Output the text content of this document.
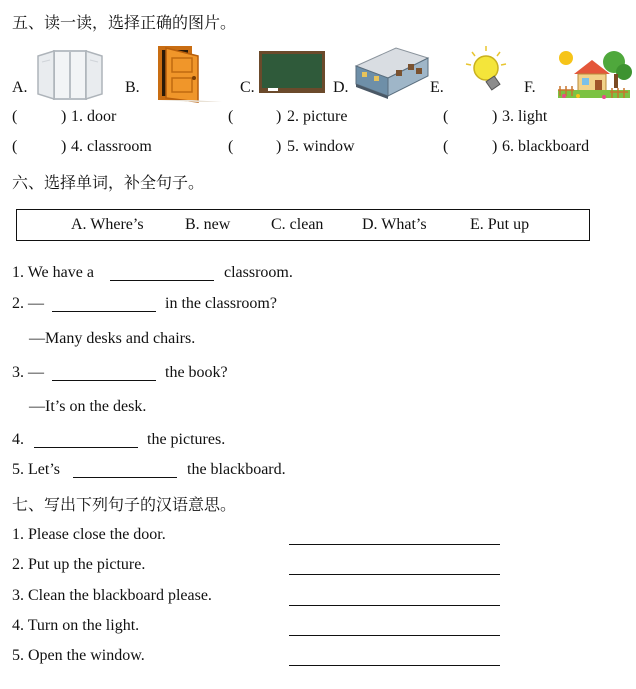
五、读一读，选择正确的图片。
A.	B.	C.	D.	E.	F.
(	) 1. door	(	) 2. picture	(	) 3. light
(	) 4. classroom	(	) 5. window	(	) 6. blackboard
六、选择单词，补全句子。
A. Where’s	B. new	C. clean D. What’s	E. Put up
1. We have a	classroom.
2. —	in the classroom?
—Many desks and chairs.
3. —	the book?
—It’s on the desk.
4.	the pictures.
5. Let’s	the blackboard.
七、写出下列句子的汉语意思。
1. Please close the door.
2. Put up the picture.
3. Clean the blackboard please.
4. Turn on the light.
5. Open the window.
